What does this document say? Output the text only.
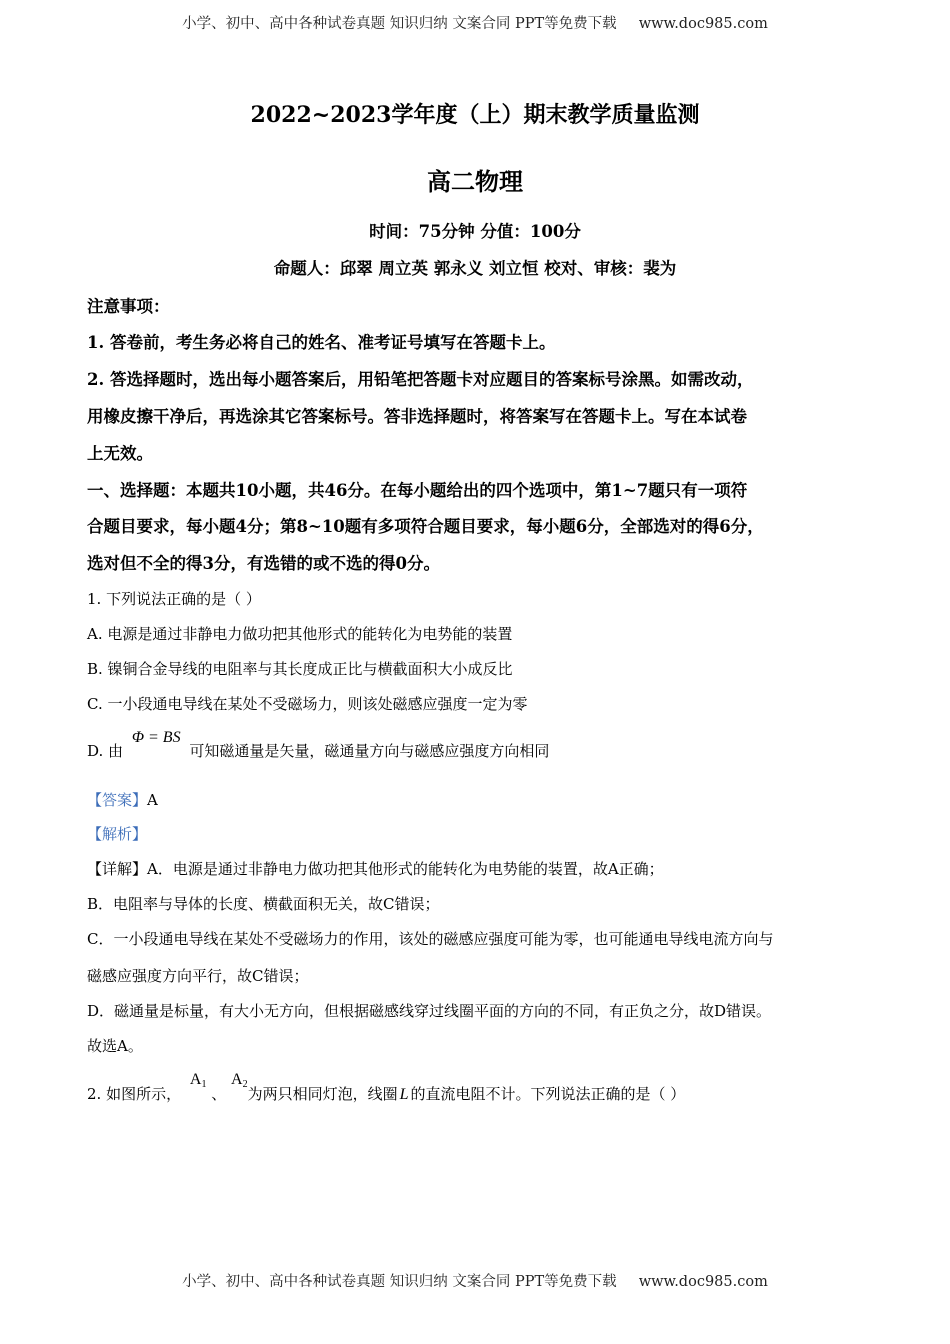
小学、初中、高中各种试卷真题 知识归纳 文案合同 PPT等免费下载 www.doc985.com
2022~2023学年度（上）期末教学质量监测
高二物理
时间：75分钟 分值：100分
命题人：邱翠 周立英 郭永义 刘立恒 校对、审核：裴为
注意事项：
1. 答卷前，考生务必将自己的姓名、准考证号填写在答题卡上。
2. 答选择题时，选出每小题答案后，用铅笔把答题卡对应题目的答案标号涂黑。如需改动，
用橡皮擦干净后，再选涂其它答案标号。答非选择题时，将答案写在答题卡上。写在本试卷
上无效。
一、选择题：本题共10小题，共46分。在每小题给出的四个选项中，第1~7题只有一项符
合题目要求，每小题4分；第8~10题有多项符合题目要求，每小题6分，全部选对的得6分，
选对但不全的得3分，有选错的或不选的得0分。
1. 下列说法正确的是（ ）
A. 电源是通过非静电力做功把其他形式的能转化为电势能的装置
B. 镍铜合金导线的电阻率与其长度成正比与横截面积大小成反比
C. 一小段通电导线在某处不受磁场力，则该处磁感应强度一定为零
D. 由 Φ = BS 可知磁通量是矢量，磁通量方向与磁感应强度方向相同
【答案】A
【解析】
【详解】A．电源是通过非静电力做功把其他形式的能转化为电势能的装置，故A正确；
B．电阻率与导体的长度、横截面积无关，故C错误；
C．一小段通电导线在某处不受磁场力的作用，该处的磁感应强度可能为零，也可能通电导线电流方向与
磁感应强度方向平行，故C错误；
D．磁通量是标量，有大小无方向，但根据磁感线穿过线圈平面的方向的不同，有正负之分，故D错误。
故选A。
2. 如图所示， $A_1$ 、 $A_2$为两只相同灯泡，线圈 L 的直流电阻不计。下列说法正确的是（ ）
小学、初中、高中各种试卷真题 知识归纳 文案合同 PPT等免费下载 www.doc985.com
